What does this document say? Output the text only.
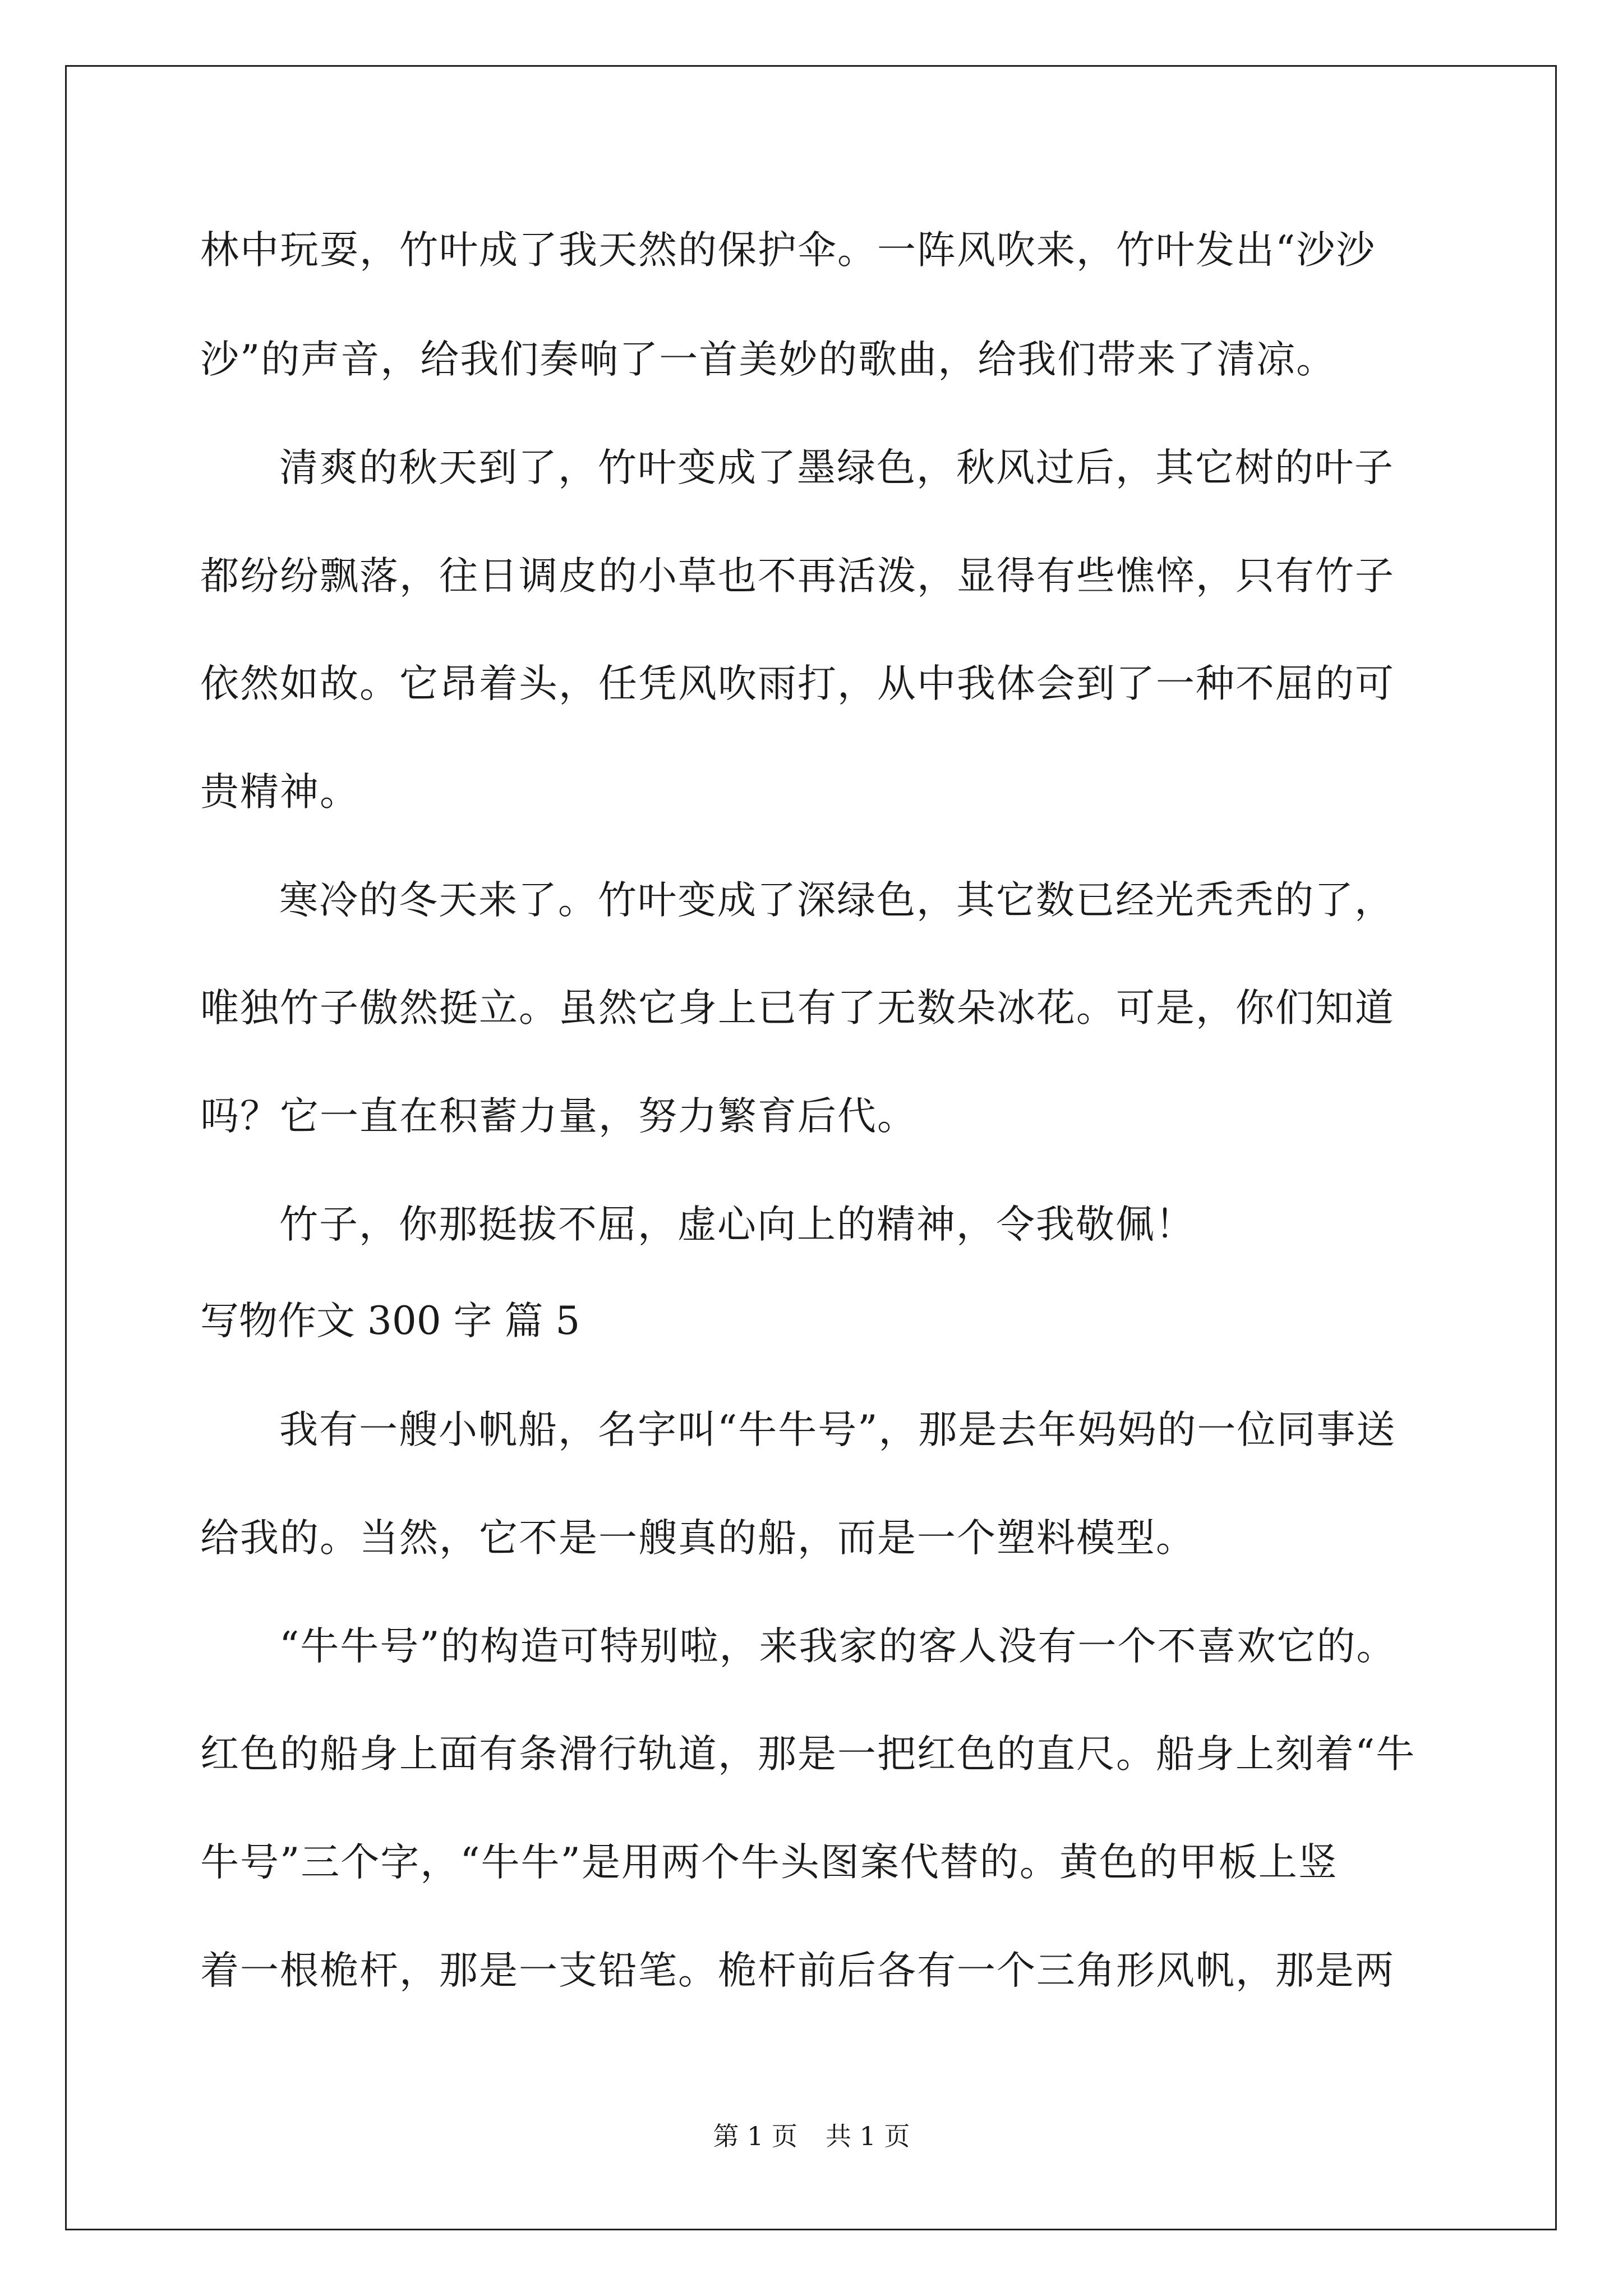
林中玩耍，竹叶成了我天然的保护伞。一阵风吹来，竹叶发出“沙沙
沙”的声音，给我们奏响了一首美妙的歌曲，给我们带来了清凉。
清爽的秋天到了，竹叶变成了墨绿色，秋风过后，其它树的叶子
都纷纷飘落，往日调皮的小草也不再活泼，显得有些憔悴，只有竹子
依然如故。它昂着头，任凭风吹雨打，从中我体会到了一种不屈的可
贵精神。
寒冷的冬天来了。竹叶变成了深绿色，其它数已经光秃秃的了，
唯独竹子傲然挺立。虽然它身上已有了无数朵冰花。可是，你们知道
吗？它一直在积蓄力量，努力繁育后代。
竹子，你那挺拔不屈，虚心向上的精神，令我敬佩！
写物作文 300 字 篇 5
我有一艘小帆船，名字叫“牛牛号”，那是去年妈妈的一位同事送
给我的。当然，它不是一艘真的船，而是一个塑料模型。
“牛牛号”的构造可特别啦，来我家的客人没有一个不喜欢它的。
红色的船身上面有条滑行轨道，那是一把红色的直尺。船身上刻着“牛
牛号”三个字，“牛牛”是用两个牛头图案代替的。黄色的甲板上竖
着一根桅杆，那是一支铅笔。桅杆前后各有一个三角形风帆，那是两
第 1 页 共 1 页
